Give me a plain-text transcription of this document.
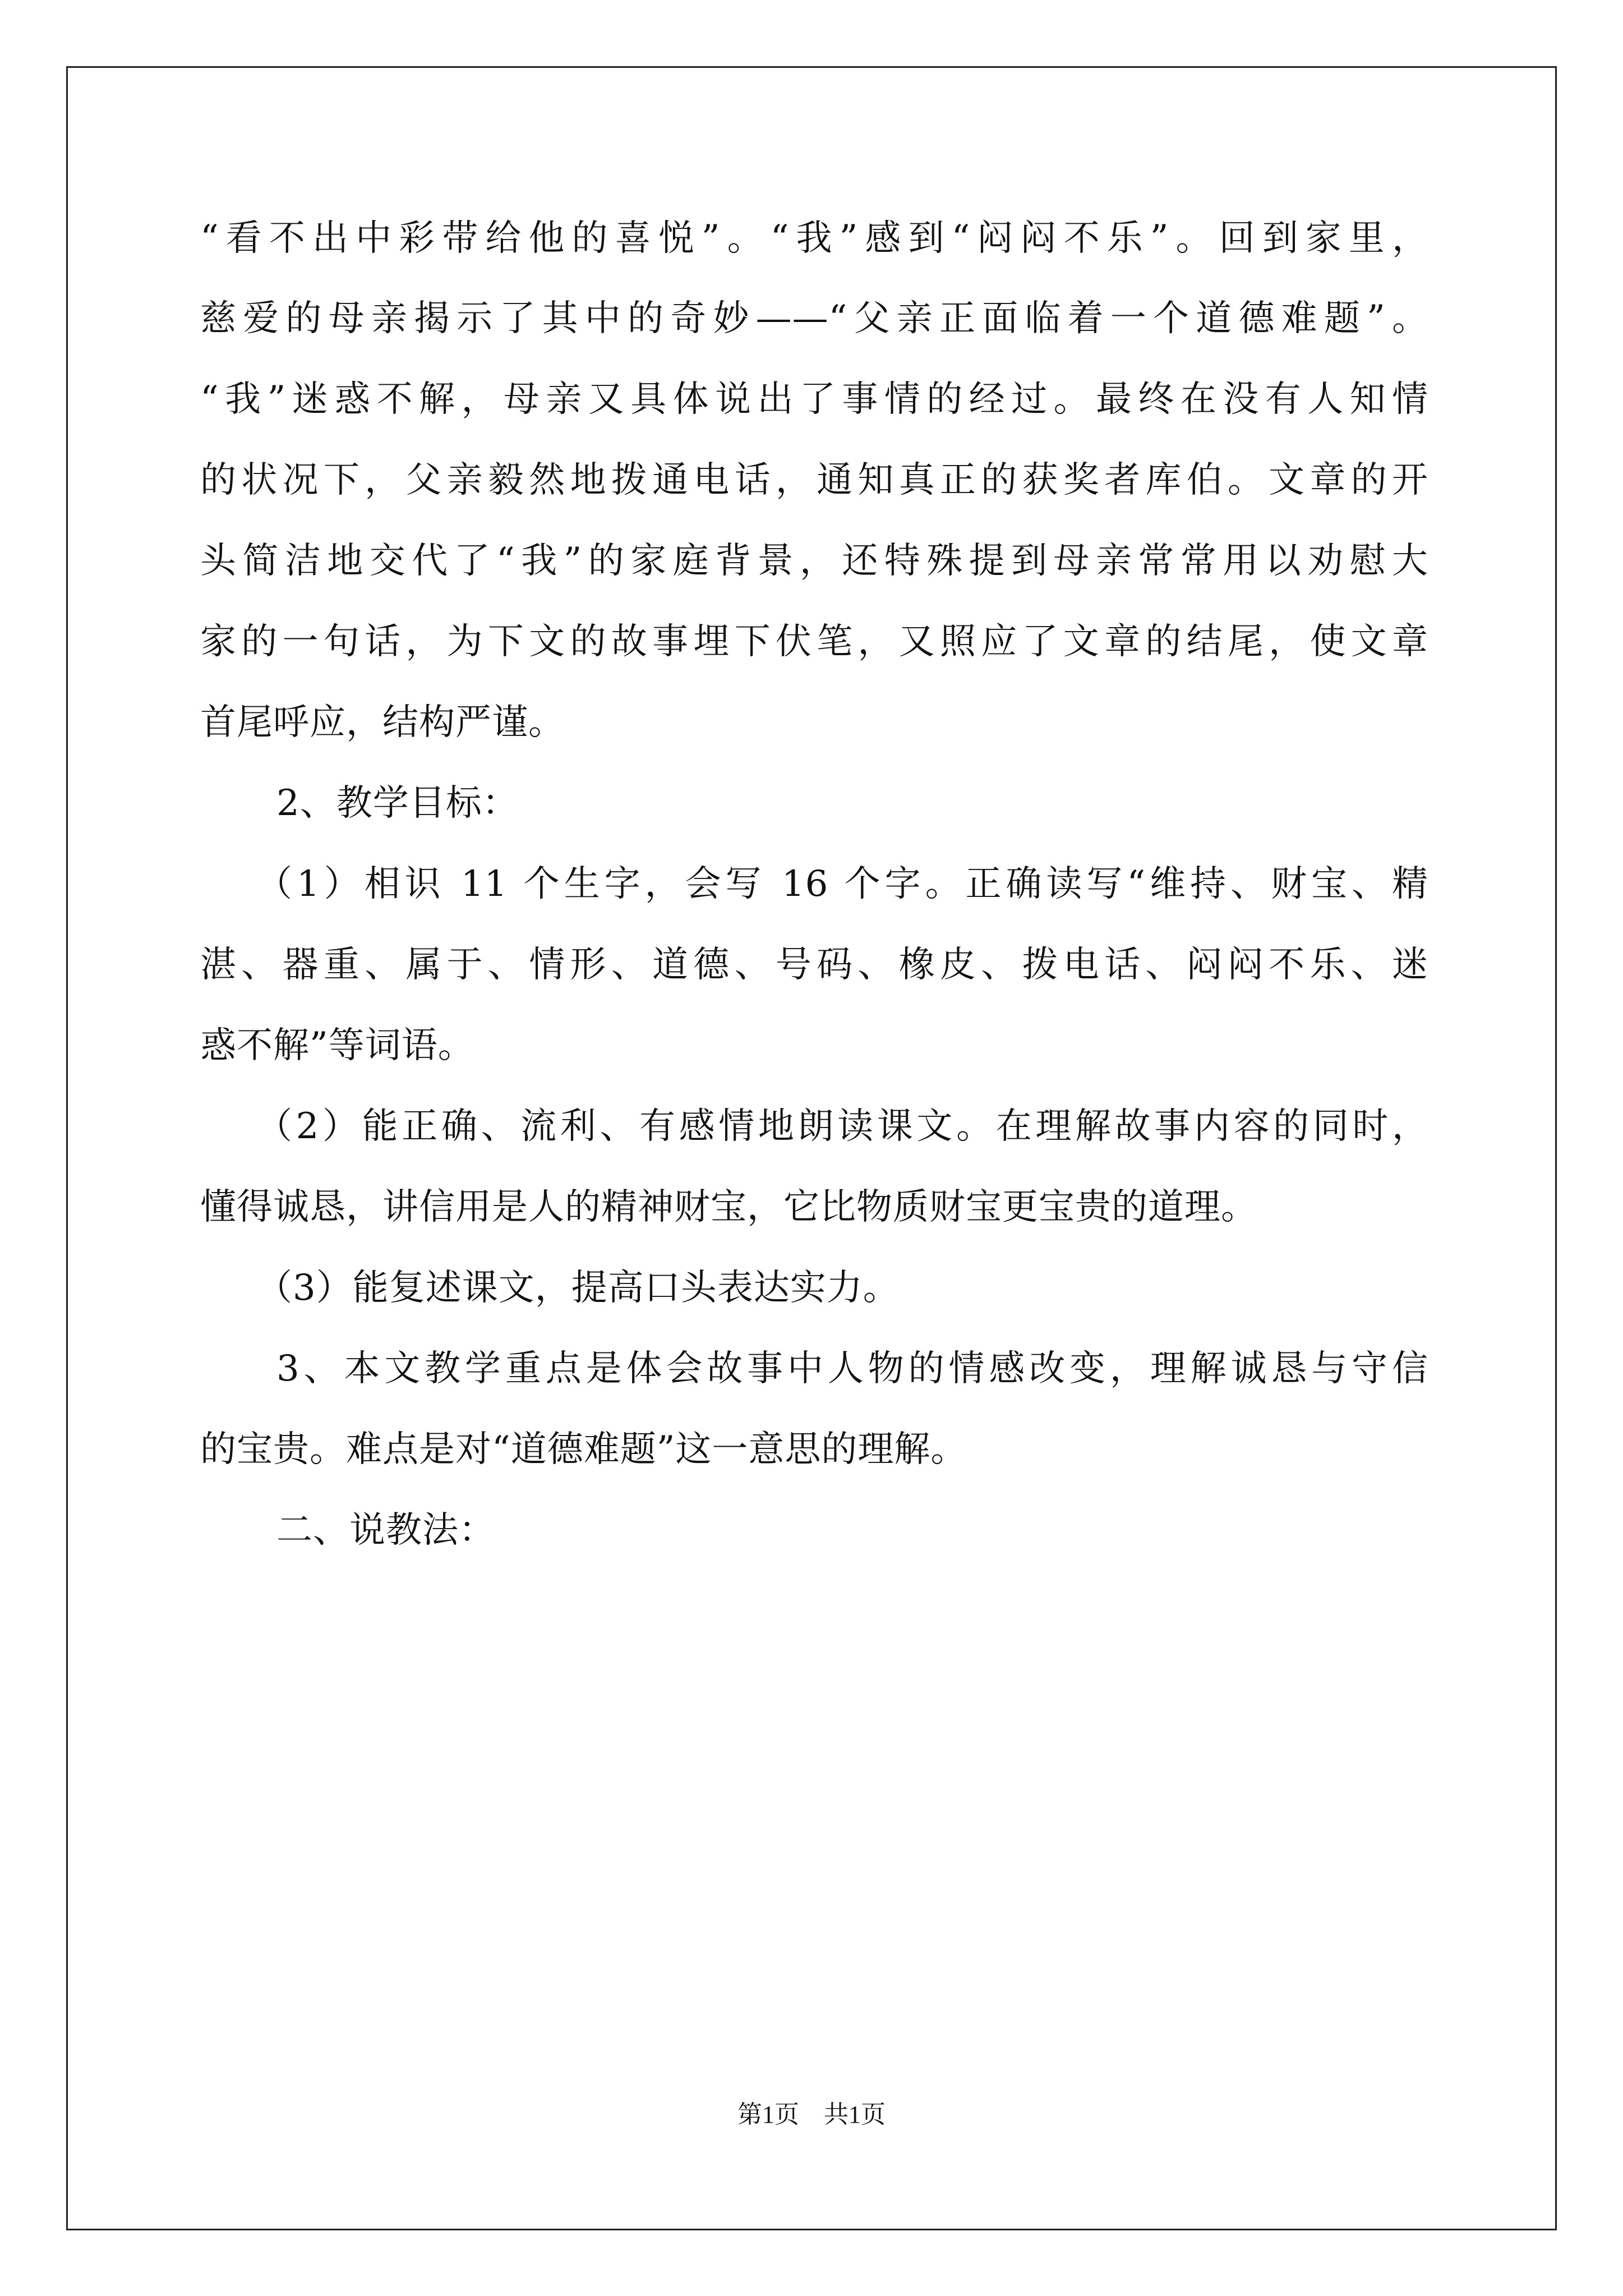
“看不出中彩带给他的喜悦”。“我”感到“闷闷不乐”。回到家里，
慈爱的母亲揭示了其中的奇妙——“父亲正面临着一个道德难题”。
“我”迷惑不解，母亲又具体说出了事情的经过。最终在没有人知情
的状况下，父亲毅然地拨通电话，通知真正的获奖者库伯。文章的开
头简洁地交代了“我”的家庭背景，还特殊提到母亲常常用以劝慰大
家的一句话，为下文的故事埋下伏笔，又照应了文章的结尾，使文章
首尾呼应，结构严谨。
2、教学目标：
（1）相识 11 个生字，会写 16 个字。正确读写“维持、财宝、精
湛、器重、属于、情形、道德、号码、橡皮、拨电话、闷闷不乐、迷
惑不解”等词语。
（2）能正确、流利、有感情地朗读课文。在理解故事内容的同时，
懂得诚恳，讲信用是人的精神财宝，它比物质财宝更宝贵的道理。
（3）能复述课文，提高口头表达实力。
3、本文教学重点是体会故事中人物的情感改变，理解诚恳与守信
的宝贵。难点是对“道德难题”这一意思的理解。
二、说教法：
第1页　共1页
